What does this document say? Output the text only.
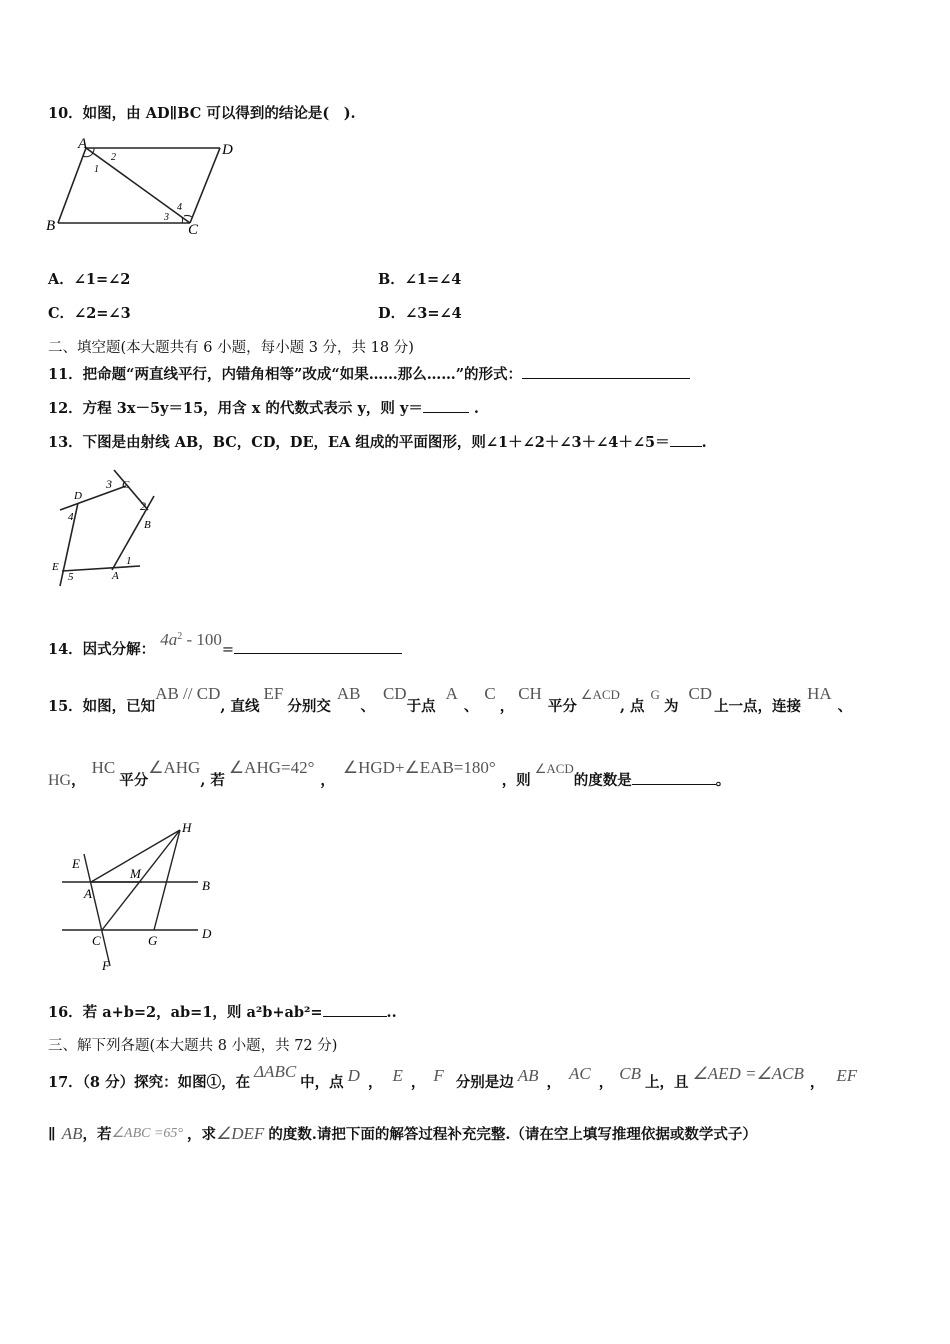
10．如图，由 AD∥BC 可以得到的结论是(　).
A	D
B	C
1
2
3
4
A．∠1=∠2	B．∠1=∠4
C．∠2=∠3	D．∠3=∠4
二、填空题(本大题共有 6 小题，每小题 3 分，共 18 分)
11．把命题“两直线平行，内错角相等”改成“如果……那么……”的形式：
12．方程 3x－5y＝15，用含 x 的代数式表示 y，则 y＝	.
13．下图是由射线 AB，BC，CD，DE，EA 组成的平面图形，则∠1＋∠2＋∠3＋∠4＋∠5＝ .
A
B
C
D
E	1
2
3
4
5
14．因式分解： $4a^2 - 100=$
15．如图，已知AB // CD, 直线EF分别交AB、CD于点A、C，CH平分∠ACD, 点G为CD上一点，连接HA、
HG，HC平分∠AHG, 若∠AHG=42°，∠HGD+∠EAB=180°，则∠ACD的度数是	。
E
H
M
A
B
C	G	D
F
16．若 a+b=2，ab=1，则 a²b+ab²=	..
三、解下列各题(本大题共 8 小题，共 72 分)
17．（8 分）探究：如图①，在ΔABC中，点 D ， E ， F 分别是边 AB ， AC ， CB 上，且 ∠AED =∠ACB ， EF
∥ AB，若∠ABC =65° ，求∠DEF 的度数.请把下面的解答过程补充完整.（请在空上填写推理依据或数学式子）
